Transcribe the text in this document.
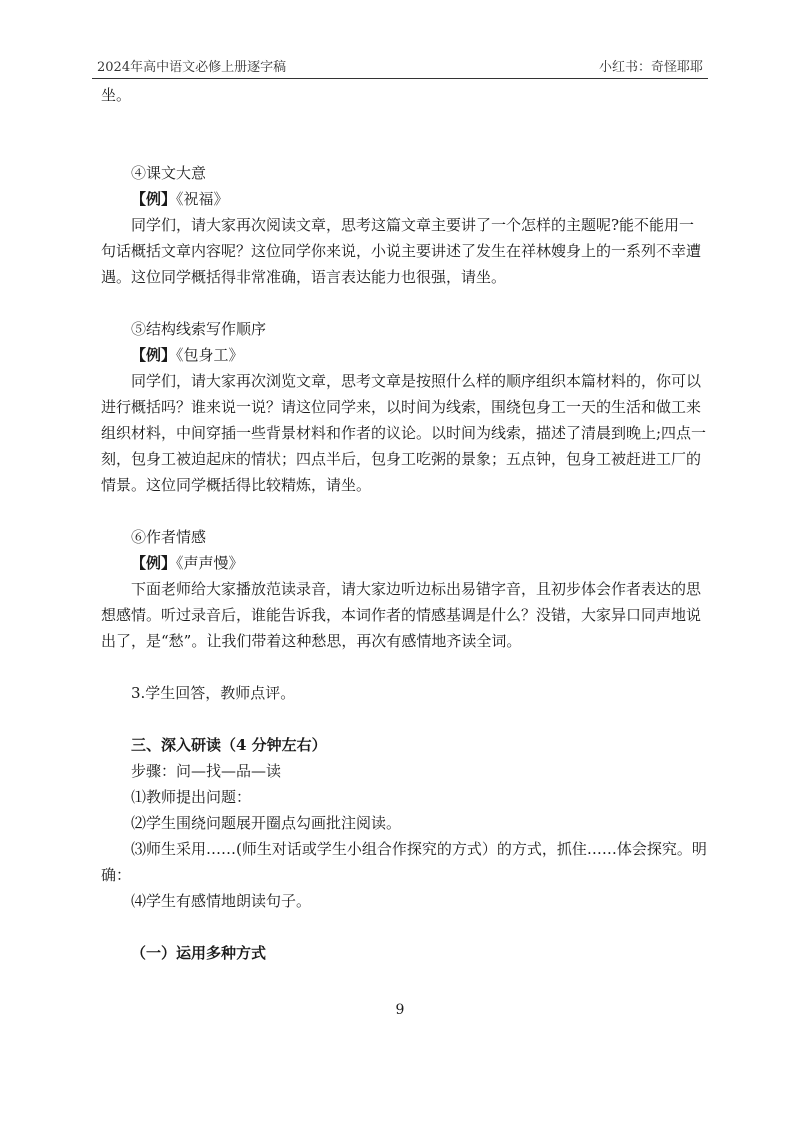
2024年高中语文必修上册逐字稿	小红书：奇怪耶耶

坐。

④课文大意

【例】《祝福》

同学们，请大家再次阅读文章，思考这篇文章主要讲了一个怎样的主题呢?能不能用一句话概括文章内容呢？这位同学你来说，小说主要讲述了发生在祥林嫂身上的一系列不幸遭遇。这位同学概括得非常准确，语言表达能力也很强，请坐。

⑤结构线索写作顺序

【例】《包身工》

同学们，请大家再次浏览文章，思考文章是按照什么样的顺序组织本篇材料的，你可以进行概括吗？谁来说一说？请这位同学来，以时间为线索，围绕包身工一天的生活和做工来组织材料，中间穿插一些背景材料和作者的议论。以时间为线索，描述了清晨到晚上;四点一刻，包身工被迫起床的情状；四点半后，包身工吃粥的景象；五点钟，包身工被赶进工厂的情景。这位同学概括得比较精炼，请坐。

⑥作者情感

【例】《声声慢》

下面老师给大家播放范读录音，请大家边听边标出易错字音，且初步体会作者表达的思想感情。听过录音后，谁能告诉我，本词作者的情感基调是什么？没错，大家异口同声地说出了，是“愁”。让我们带着这种愁思，再次有感情地齐读全词。

3.学生回答，教师点评。

三、深入研读（4 分钟左右）

步骤：问—找—品—读

⑴教师提出问题：

⑵学生围绕问题展开圈点勾画批注阅读。

⑶师生采用……(师生对话或学生小组合作探究的方式）的方式，抓住……体会探究。明确：

⑷学生有感情地朗读句子。

（一）运用多种方式

9
